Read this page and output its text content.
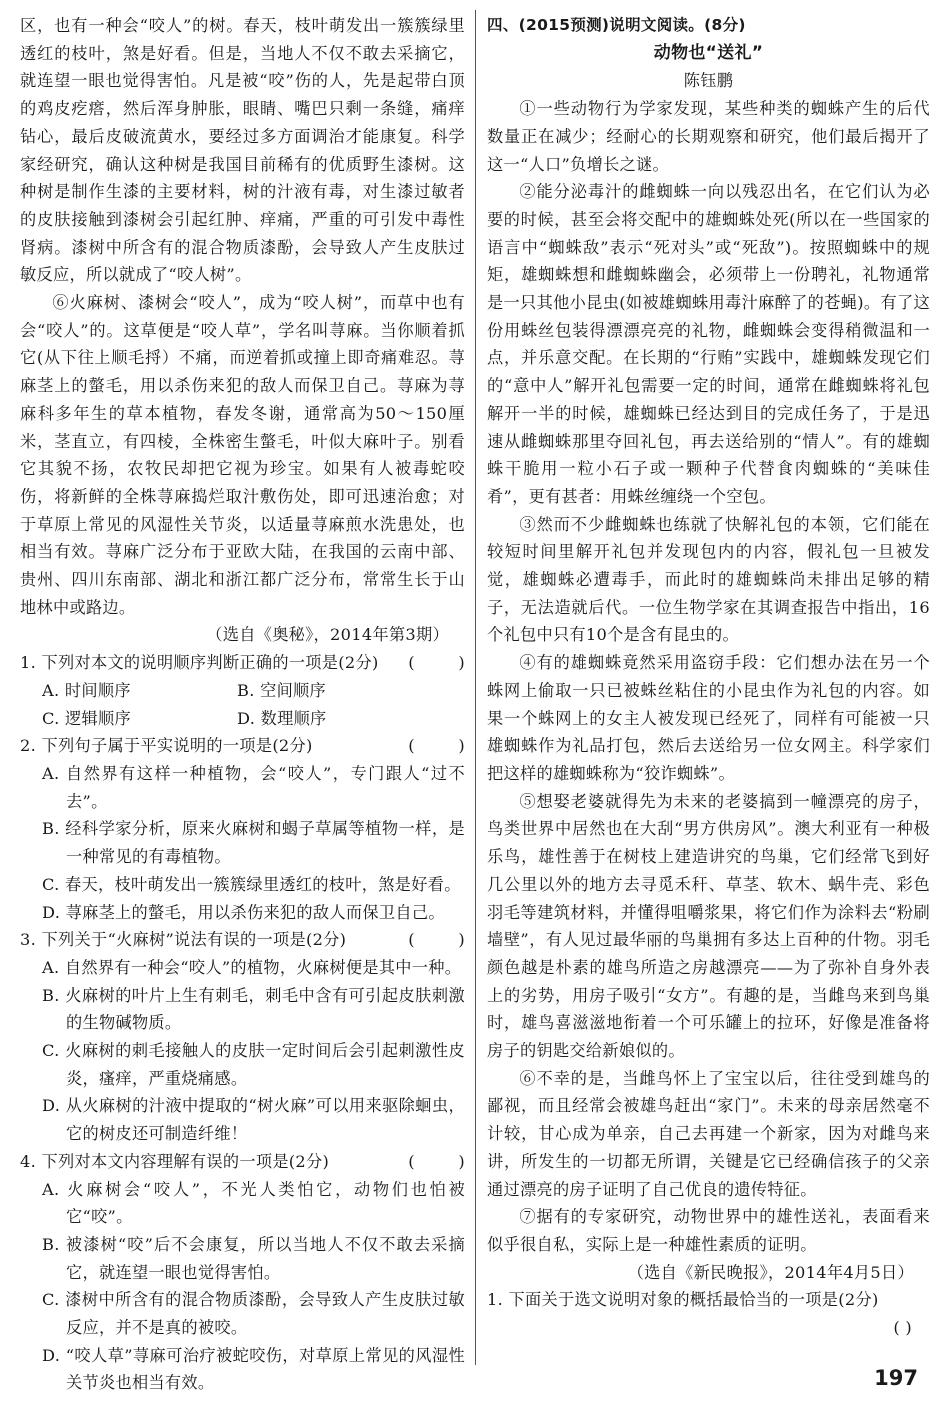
区，也有一种会“咬人”的树。春天，枝叶萌发出一簇簇绿里透红的枝叶，煞是好看。但是，当地人不仅不敢去采摘它，就连望一眼也觉得害怕。凡是被“咬”伤的人，先是起带白顶的鸡皮疙瘩，然后浑身肿胀，眼睛、嘴巴只剩一条缝，痛痒钻心，最后皮破流黄水，要经过多方面调治才能康复。科学家经研究，确认这种树是我国目前稀有的优质野生漆树。这种树是制作生漆的主要材料，树的汁液有毒，对生漆过敏者的皮肤接触到漆树会引起红肿、痒痛，严重的可引发中毒性肾病。漆树中所含有的混合物质漆酚，会导致人产生皮肤过敏反应，所以就成了“咬人树”。

⑥火麻树、漆树会“咬人”，成为“咬人树”，而草中也有会“咬人”的。这草便是“咬人草”，学名叫荨麻。当你顺着抓它(从下往上顺毛捋）不痛，而逆着抓或撞上即奇痛难忍。荨麻茎上的螫毛，用以杀伤来犯的敌人而保卫自己。荨麻为荨麻科多年生的草本植物，春发冬谢，通常高为50～150厘米，茎直立，有四棱，全株密生螫毛，叶似大麻叶子。别看它其貌不扬，农牧民却把它视为珍宝。如果有人被毒蛇咬伤，将新鲜的全株荨麻捣烂取汁敷伤处，即可迅速治愈；对于草原上常见的风湿性关节炎，以适量荨麻煎水洗患处，也相当有效。荨麻广泛分布于亚欧大陆，在我国的云南中部、贵州、四川东南部、湖北和浙江都广泛分布，常常生长于山地林中或路边。

（选自《奥秘》，2014年第3期）

1. 下列对本文的说明顺序判断正确的一项是(2分)	(        )
A. 时间顺序	B. 空间顺序
C. 逻辑顺序	D. 数理顺序
2. 下列句子属于平实说明的一项是(2分)	(        )

A. 自然界有这样一种植物，会“咬人”，专门跟人“过不去”。

B. 经科学家分析，原来火麻树和蝎子草属等植物一样，是一种常见的有毒植物。

C. 春天，枝叶萌发出一簇簇绿里透红的枝叶，煞是好看。

D. 荨麻茎上的螫毛，用以杀伤来犯的敌人而保卫自己。

3. 下列关于“火麻树”说法有误的一项是(2分)	(        )

A. 自然界有一种会“咬人”的植物，火麻树便是其中一种。

B. 火麻树的叶片上生有刺毛，刺毛中含有可引起皮肤刺激的生物碱物质。

C. 火麻树的刺毛接触人的皮肤一定时间后会引起刺激性皮炎，瘙痒，严重烧痛感。

D. 从火麻树的汁液中提取的“树火麻”可以用来驱除蛔虫，它的树皮还可制造纤维！

4. 下列对本文内容理解有误的一项是(2分)	(        )

A. 火麻树会“咬人”，不光人类怕它，动物们也怕被它“咬”。

B. 被漆树“咬”后不会康复，所以当地人不仅不敢去采摘它，就连望一眼也觉得害怕。

C. 漆树中所含有的混合物质漆酚，会导致人产生皮肤过敏反应，并不是真的被咬。

D. “咬人草”荨麻可治疗被蛇咬伤，对草原上常见的风湿性关节炎也相当有效。

四、(2015预测)说明文阅读。(8分)

动物也“送礼”

陈钰鹏

①一些动物行为学家发现，某些种类的蜘蛛产生的后代数量正在减少；经耐心的长期观察和研究，他们最后揭开了这一“人口”负增长之谜。

②能分泌毒汁的雌蜘蛛一向以残忍出名，在它们认为必要的时候，甚至会将交配中的雄蜘蛛处死(所以在一些国家的语言中“蜘蛛敌”表示“死对头”或“死敌”)。按照蜘蛛中的规矩，雄蜘蛛想和雌蜘蛛幽会，必须带上一份聘礼，礼物通常是一只其他小昆虫(如被雄蜘蛛用毒汁麻醉了的苍蝇)。有了这份用蛛丝包装得漂漂亮亮的礼物，雌蜘蛛会变得稍微温和一点，并乐意交配。在长期的“行贿”实践中，雄蜘蛛发现它们的“意中人”解开礼包需要一定的时间，通常在雌蜘蛛将礼包解开一半的时候，雄蜘蛛已经达到目的完成任务了，于是迅速从雌蜘蛛那里夺回礼包，再去送给别的“情人”。有的雄蜘蛛干脆用一粒小石子或一颗种子代替食肉蜘蛛的“美味佳肴”，更有甚者：用蛛丝缠绕一个空包。

③然而不少雌蜘蛛也练就了快解礼包的本领，它们能在较短时间里解开礼包并发现包内的内容，假礼包一旦被发觉，雄蜘蛛必遭毒手，而此时的雄蜘蛛尚未排出足够的精子，无法造就后代。一位生物学家在其调查报告中指出，16个礼包中只有10个是含有昆虫的。

④有的雄蜘蛛竟然采用盗窃手段：它们想办法在另一个蛛网上偷取一只已被蛛丝粘住的小昆虫作为礼包的内容。如果一个蛛网上的女主人被发现已经死了，同样有可能被一只雄蜘蛛作为礼品打包，然后去送给另一位女网主。科学家们把这样的雄蜘蛛称为“狡诈蜘蛛”。

⑤想娶老婆就得先为未来的老婆搞到一幢漂亮的房子，鸟类世界中居然也在大刮“男方供房风”。澳大利亚有一种极乐鸟，雄性善于在树枝上建造讲究的鸟巢，它们经常飞到好几公里以外的地方去寻觅禾秆、草茎、软木、蜗牛壳、彩色羽毛等建筑材料，并懂得咀嚼浆果，将它们作为涂料去“粉刷墙壁”，有人见过最华丽的鸟巢拥有多达上百种的什物。羽毛颜色越是朴素的雄鸟所造之房越漂亮——为了弥补自身外表上的劣势，用房子吸引“女方”。有趣的是，当雌鸟来到鸟巢时，雄鸟喜滋滋地衔着一个可乐罐上的拉环，好像是准备将房子的钥匙交给新娘似的。

⑥不幸的是，当雌鸟怀上了宝宝以后，往往受到雄鸟的鄙视，而且经常会被雄鸟赶出“家门”。未来的母亲居然毫不计较，甘心成为单亲，自己去再建一个新家，因为对雌鸟来讲，所发生的一切都无所谓，关键是它已经确信孩子的父亲通过漂亮的房子证明了自己优良的遗传特征。

⑦据有的专家研究，动物世界中的雄性送礼，表面看来似乎很自私，实际上是一种雄性素质的证明。

（选自《新民晚报》，2014年4月5日）

1. 下面关于选文说明对象的概括最恰当的一项是(2分)

( )

197
